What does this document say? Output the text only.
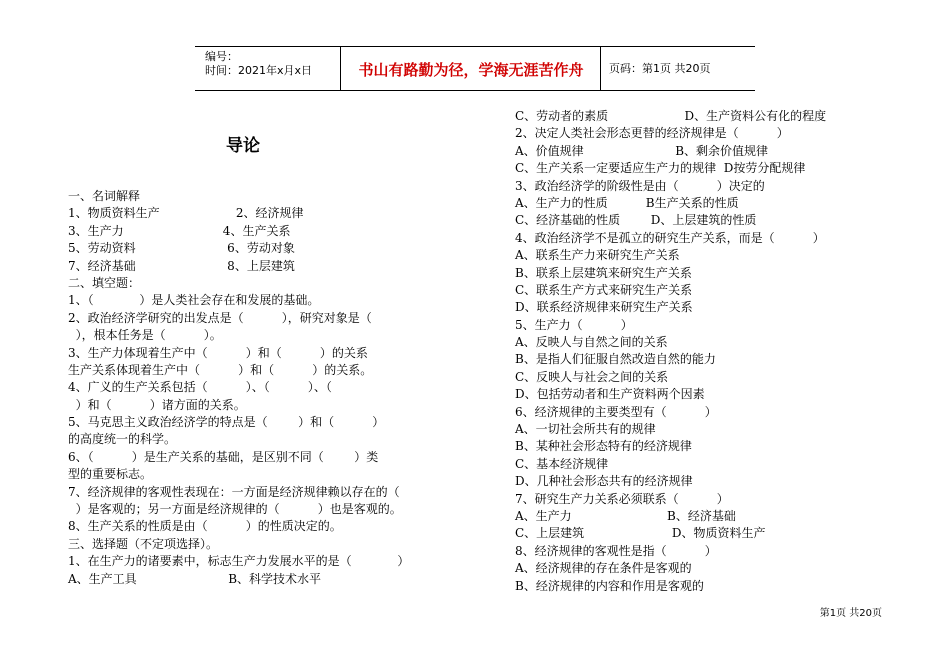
编号：
时间：2021年x月x日	书山有路勤为径，学海无涯苦作舟	页码：第1页 共20页
导论
一、名词解释
1、物质资料生产                    2、经济规律
3、生产力                          4、生产关系
5、劳动资料                        6、劳动对象
7、经济基础                        8、上层建筑
二、填空题：
1、（            ）是人类社会存在和发展的基础。
2、政治经济学研究的出发点是（          ），研究对象是（
），根本任务是（          ）。
3、生产力体现着生产中（          ）和（          ）的关系
生产关系体现着生产中（          ）和（          ）的关系。
4、广义的生产关系包括（          ）、（          ）、（
）和（          ）诸方面的关系。
5、马克思主义政治经济学的特点是（        ）和（          ）
的高度统一的科学。
6、（          ）是生产关系的基础，是区别不同（        ）类
型的重要标志。
7、经济规律的客观性表现在：一方面是经济规律赖以存在的（
）是客观的；另一方面是经济规律的（          ）也是客观的。
8、生产关系的性质是由（          ）的性质决定的。
三、选择题（不定项选择）。
1、在生产力的诸要素中，标志生产力发展水平的是（            ）
A、生产工具                        B、科学技术水平
C、劳动者的素质                    D、生产资料公有化的程度
2、决定人类社会形态更替的经济规律是（          ）
A、价值规律                        B、剩余价值规律
C、生产关系一定要适应生产力的规律  D按劳分配规律
3、政治经济学的阶级性是由（          ）决定的
A、生产力的性质          B生产关系的性质
C、经济基础的性质        D、上层建筑的性质
4、政治经济学不是孤立的研究生产关系，而是（          ）
A、联系生产力来研究生产关系
B、联系上层建筑来研究生产关系
C、联系生产方式来研究生产关系
D、联系经济规律来研究生产关系
5、生产力（          ）
A、反映人与自然之间的关系
B、是指人们征服自然改造自然的能力
C、反映人与社会之间的关系
D、包括劳动者和生产资料两个因素
6、经济规律的主要类型有（          ）
A、一切社会所共有的规律
B、某种社会形态特有的经济规律
C、基本经济规律
D、几种社会形态共有的经济规律
7、研究生产力关系必须联系（          ）
A、生产力                         B、经济基础
C、上层建筑                       D、物质资料生产
8、经济规律的客观性是指（          ）
A、经济规律的存在条件是客观的
B、经济规律的内容和作用是客观的
第1页 共20页
